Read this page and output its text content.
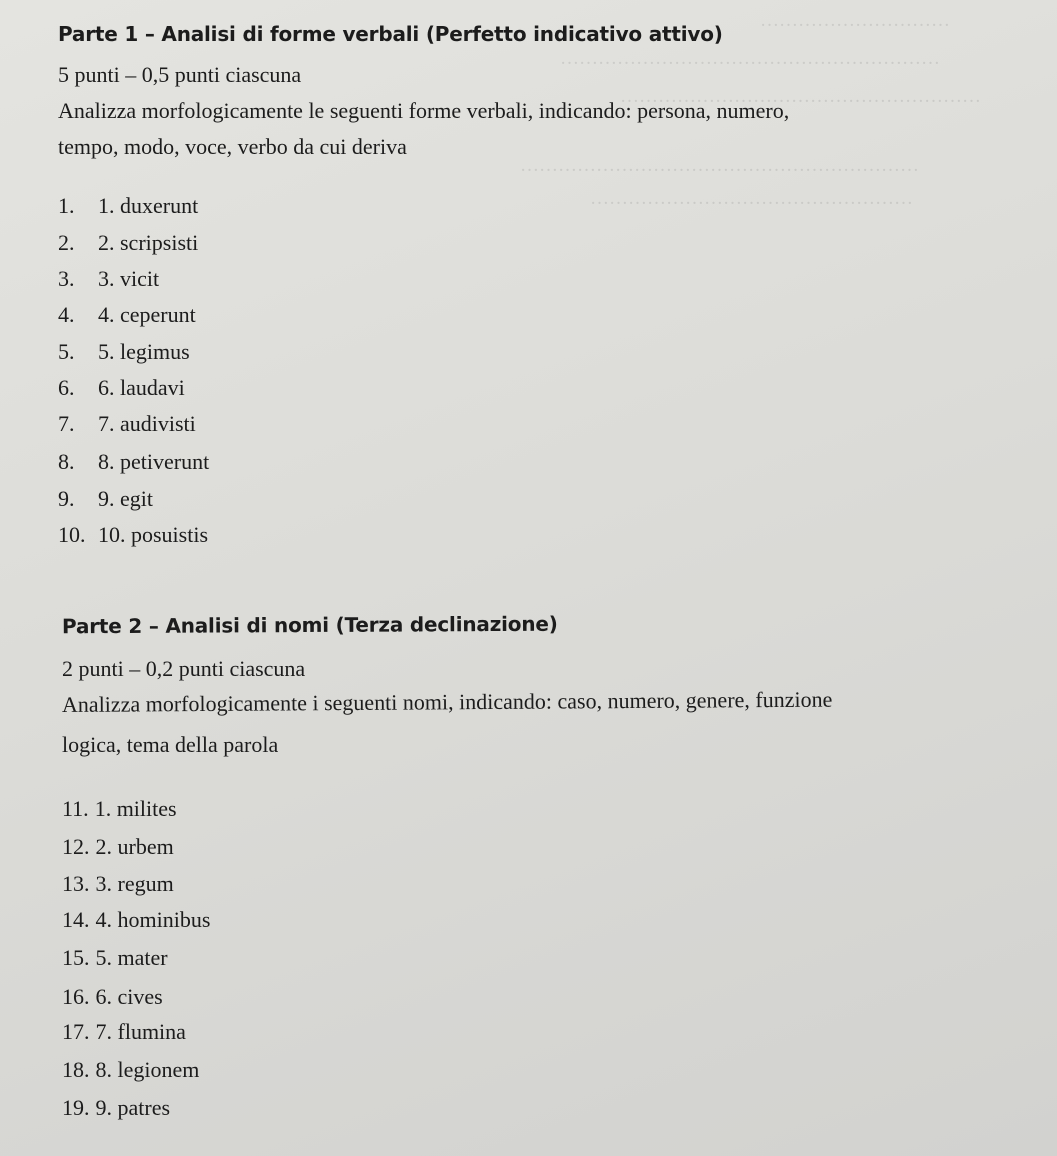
…………………………
……………………………………………………
…………………………………………………
………………………………………………………
……………………………………………
Parte 1 – Analisi di forme verbali (Perfetto indicativo attivo)
5 punti – 0,5 punti ciascuna
Analizza morfologicamente le seguenti forme verbali, indicando: persona, numero,
tempo, modo, voce, verbo da cui deriva
1. 1. duxerunt
2. 2. scripsisti
3. 3. vicit
4. 4. ceperunt
5. 5. legimus
6. 6. laudavi
7. 7. audivisti
8. 8. petiverunt
9. 9. egit
10. 10. posuistis
Parte 2 – Analisi di nomi (Terza declinazione)
2 punti – 0,2 punti ciascuna
Analizza morfologicamente i seguenti nomi, indicando: caso, numero, genere, funzione
logica, tema della parola
11. 1. milites
12. 2. urbem
13. 3. regum
14. 4. hominibus
15. 5. mater
16. 6. cives
17. 7. flumina
18. 8. legionem
19. 9. patres
